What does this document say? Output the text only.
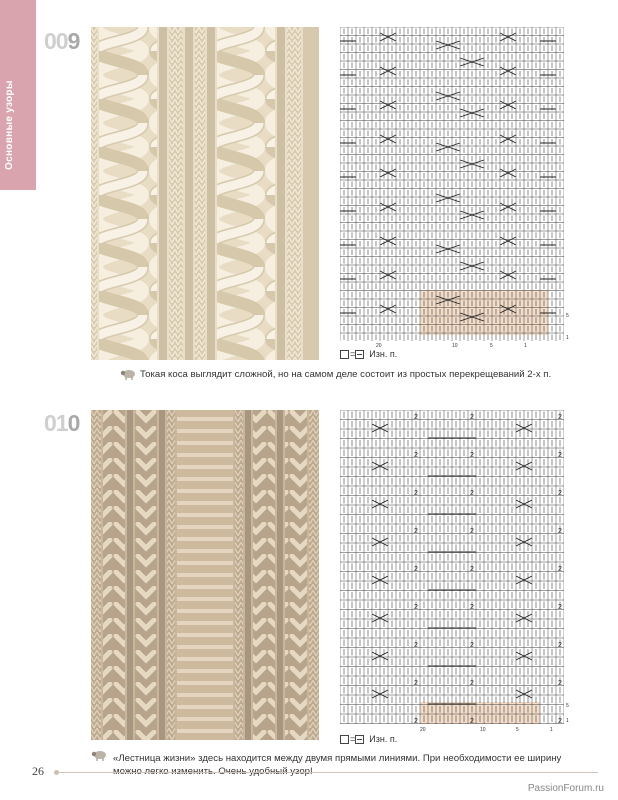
Основные узоры
009
5
1
20	10	5	1
= Изн. п.
Токая коса выглядит сложной, но на самом деле состоит из простых перекрещеваний 2-х п.
010	2
2
2
2
2
2
2
2
2
2
2
2
2
2
2
2
2
2
2
2
2
2
2
2
2
2
2
5
1
20	10	5	1
= Изн. п.
«Лестница жизни» здесь находится между двумя прямыми линиями. При необходимости ее ширину
26
PassionForum.ru
